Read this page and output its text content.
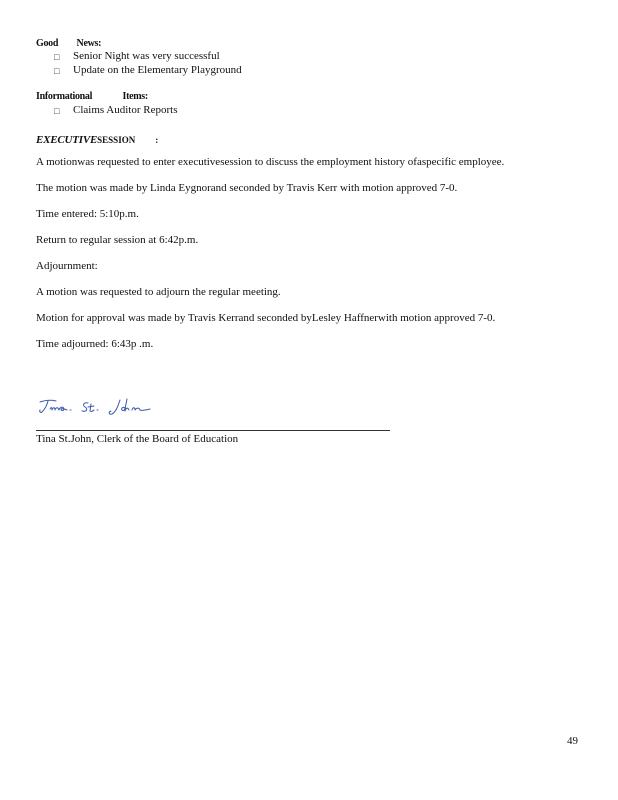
Good News:
□ Senior Night was very successful
□ Update on the Elementary Playground
Informational	Items:
□ Claims Auditor Reports
EXECUTIVESESSION :
A motionwas requested to enter executivesession to discuss the employment history ofaspecific employee.
The motion was made by Linda Eygnorand seconded by Travis Kerr with motion approved 7-0.
Time entered: 5:10p.m.
Return to regular session at 6:42p.m.
Adjournment:
A motion was requested to adjourn the regular meeting.
Motion for approval was made by Travis Kerrand seconded byLesley Haffnerwith motion approved 7-0.
Time adjourned: 6:43p .m.
Tina St.John, Clerk of the Board of Education
49
